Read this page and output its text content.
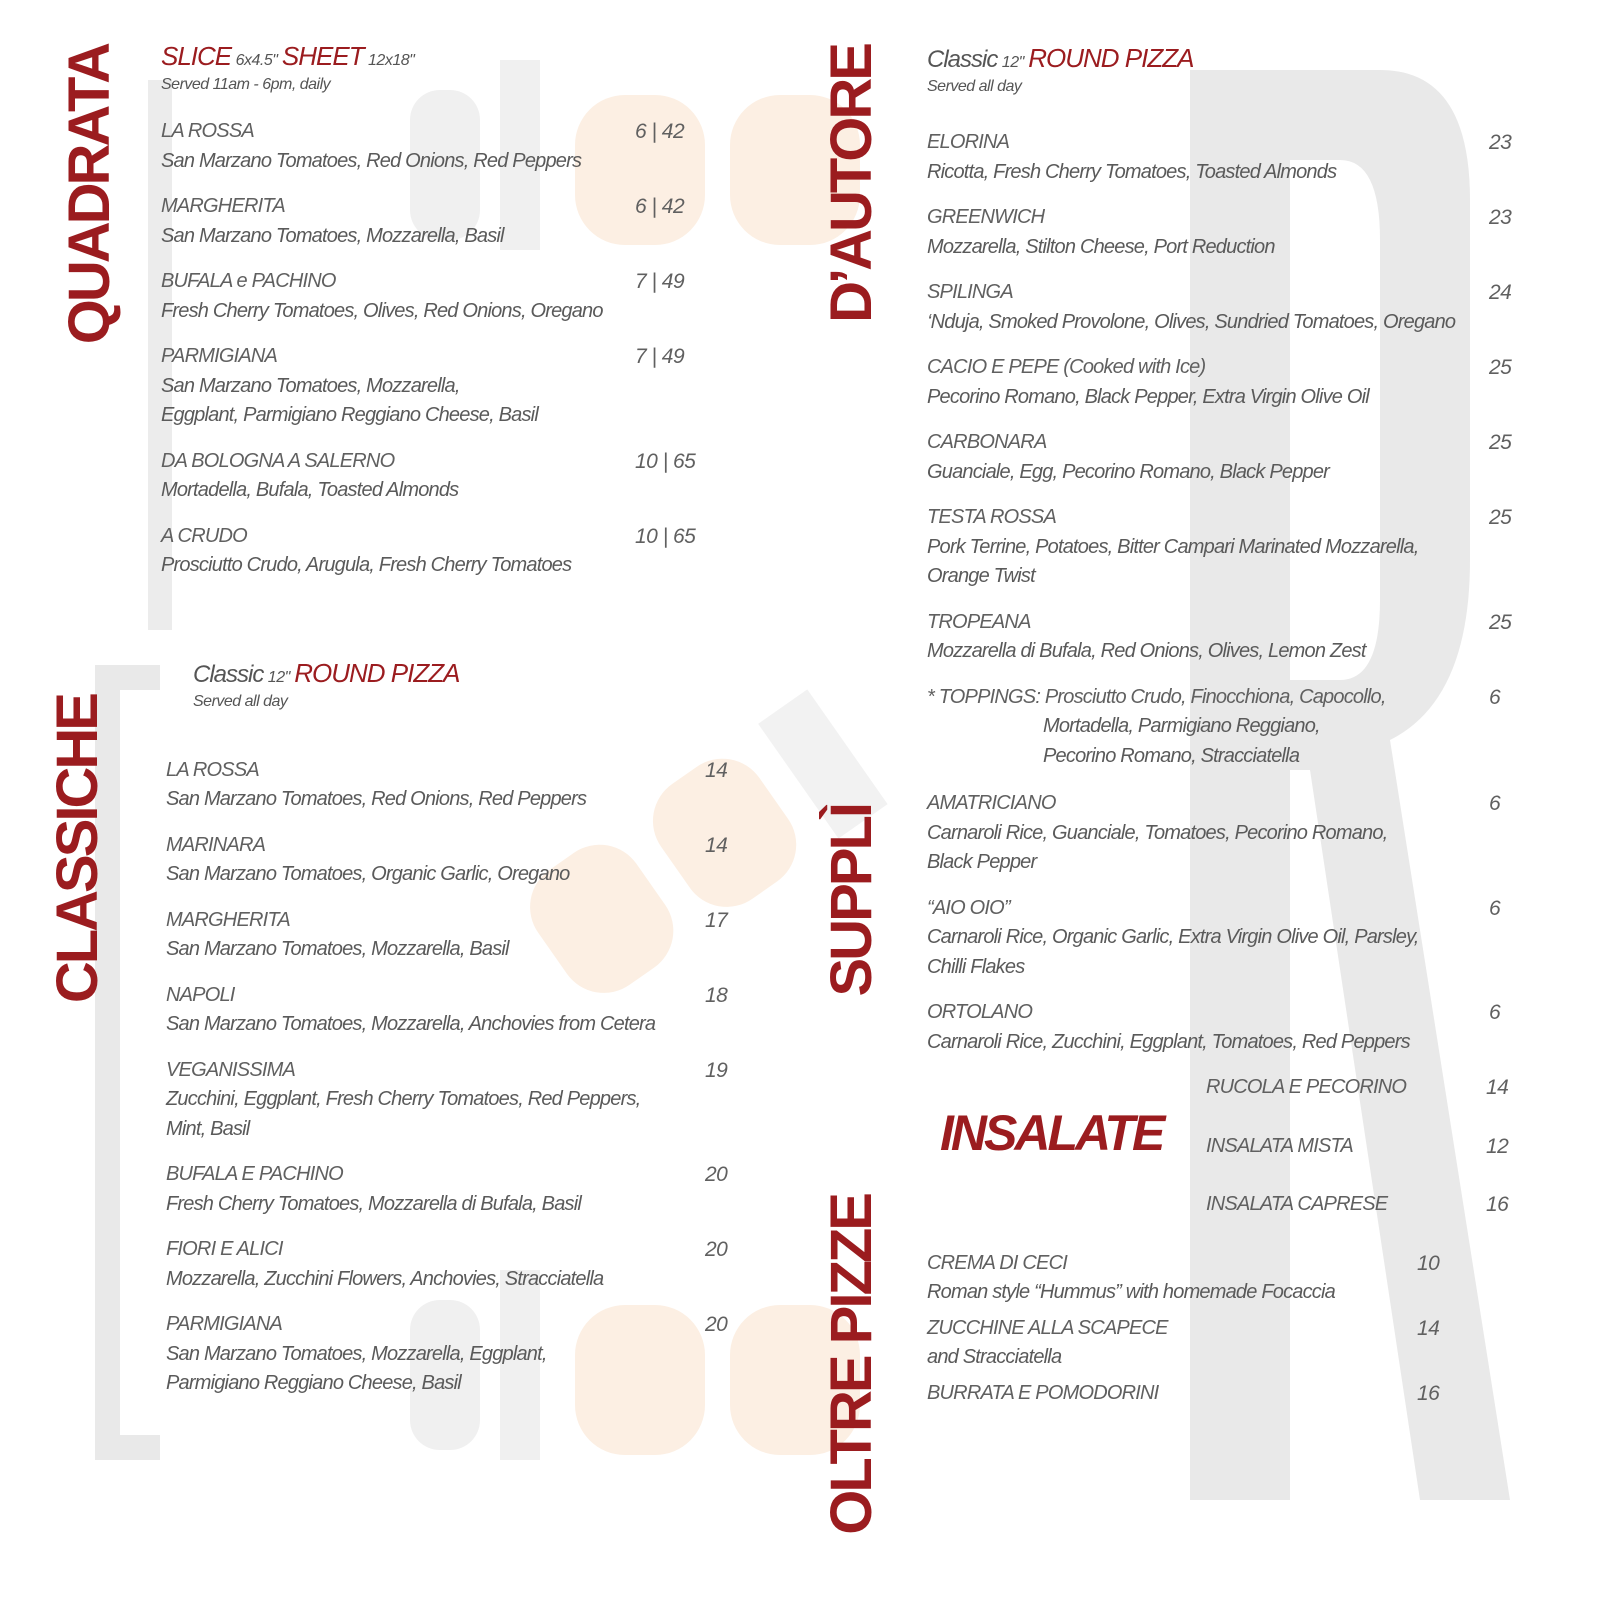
QUADRATA
CLASSICHE
D’AUTORE
SUPPLÌ
OLTRE PIZZE
SLICE 6x4.5" SHEET 12x18"
Served 11am - 6pm, daily
LA ROSSA
San Marzano Tomatoes, Red Onions, Red Peppers
6 | 42
MARGHERITA
San Marzano Tomatoes, Mozzarella, Basil
6 | 42
BUFALA e PACHINO
Fresh Cherry Tomatoes, Olives, Red Onions, Oregano
7 | 49
PARMIGIANA
San Marzano Tomatoes, Mozzarella,
Eggplant, Parmigiano Reggiano Cheese, Basil
7 | 49
DA BOLOGNA A SALERNO
Mortadella, Bufala, Toasted Almonds
10 | 65
A CRUDO
Prosciutto Crudo, Arugula, Fresh Cherry Tomatoes
10 | 65
Classic 12" ROUND PIZZA
Served all day
LA ROSSA
San Marzano Tomatoes, Red Onions, Red Peppers
14
MARINARA
San Marzano Tomatoes, Organic Garlic, Oregano
14
MARGHERITA
San Marzano Tomatoes, Mozzarella, Basil
17
NAPOLI
San Marzano Tomatoes, Mozzarella, Anchovies from Cetera
18
VEGANISSIMA
Zucchini, Eggplant, Fresh Cherry Tomatoes, Red Peppers,
Mint, Basil
19
BUFALA E PACHINO
Fresh Cherry Tomatoes, Mozzarella di Bufala, Basil
20
FIORI E ALICI
Mozzarella, Zucchini Flowers, Anchovies, Stracciatella
20
PARMIGIANA
San Marzano Tomatoes, Mozzarella, Eggplant,
Parmigiano Reggiano Cheese, Basil
20
Classic 12" ROUND PIZZA
Served all day
ELORINA
Ricotta, Fresh Cherry Tomatoes, Toasted Almonds
23
GREENWICH
Mozzarella, Stilton Cheese, Port Reduction
23
SPILINGA
‘Nduja, Smoked Provolone, Olives, Sundried Tomatoes, Oregano
24
CACIO E PEPE (Cooked with Ice)
Pecorino Romano, Black Pepper, Extra Virgin Olive Oil
25
CARBONARA
Guanciale, Egg, Pecorino Romano, Black Pepper
25
TESTA ROSSA
Pork Terrine, Potatoes, Bitter Campari Marinated Mozzarella,
Orange Twist
25
TROPEANA
Mozzarella di Bufala, Red Onions, Olives, Lemon Zest
25
* TOPPINGS: Prosciutto Crudo, Finocchiona, Capocollo,
Mortadella, Parmigiano Reggiano,
Pecorino Romano, Stracciatella
6
AMATRICIANO
Carnaroli Rice, Guanciale, Tomatoes, Pecorino Romano,
Black Pepper
6
“AIO OIO”
Carnaroli Rice, Organic Garlic, Extra Virgin Olive Oil, Parsley,
Chilli Flakes
6
ORTOLANO
Carnaroli Rice, Zucchini, Eggplant, Tomatoes, Red Peppers
6
INSALATE
RUCOLA E PECORINO	14
INSALATA MISTA	12
INSALATA CAPRESE	16
CREMA DI CECI
Roman style “Hummus” with homemade Focaccia
10
ZUCCHINE ALLA SCAPECE
and Stracciatella
14
BURRATA E POMODORINI	16
